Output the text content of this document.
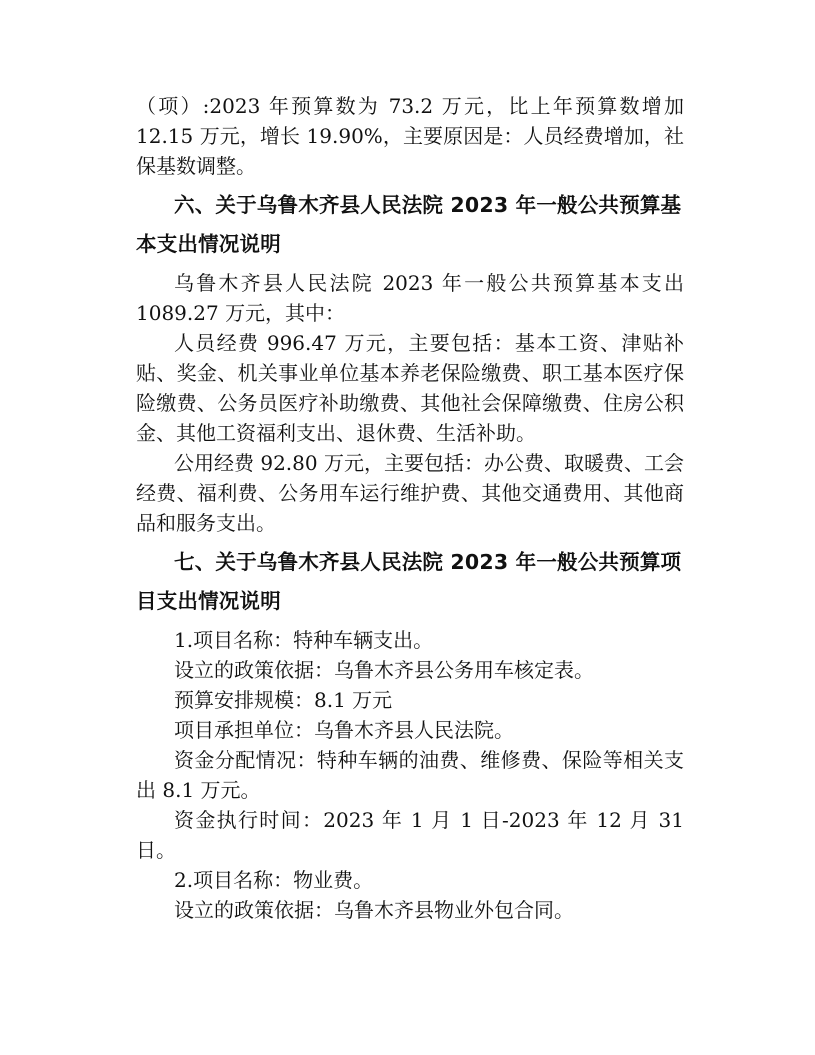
（项）:2023 年预算数为 73.2 万元，比上年预算数增加 12.15 万元，增长 19.90%，主要原因是：人员经费增加，社保基数调整。

六、关于乌鲁木齐县人民法院 2023 年一般公共预算基本支出情况说明

乌鲁木齐县人民法院 2023 年一般公共预算基本支出 1089.27 万元，其中：

人员经费 996.47 万元，主要包括：基本工资、津贴补贴、奖金、机关事业单位基本养老保险缴费、职工基本医疗保险缴费、公务员医疗补助缴费、其他社会保障缴费、住房公积金、其他工资福利支出、退休费、生活补助。

公用经费 92.80 万元，主要包括：办公费、取暖费、工会经费、福利费、公务用车运行维护费、其他交通费用、其他商品和服务支出。

七、关于乌鲁木齐县人民法院 2023 年一般公共预算项目支出情况说明

1.项目名称：特种车辆支出。

设立的政策依据：乌鲁木齐县公务用车核定表。

预算安排规模：8.1 万元

项目承担单位：乌鲁木齐县人民法院。

资金分配情况：特种车辆的油费、维修费、保险等相关支出 8.1 万元。

资金执行时间：2023 年 1 月 1 日-2023 年 12 月 31 日。

2.项目名称：物业费。

设立的政策依据：乌鲁木齐县物业外包合同。
